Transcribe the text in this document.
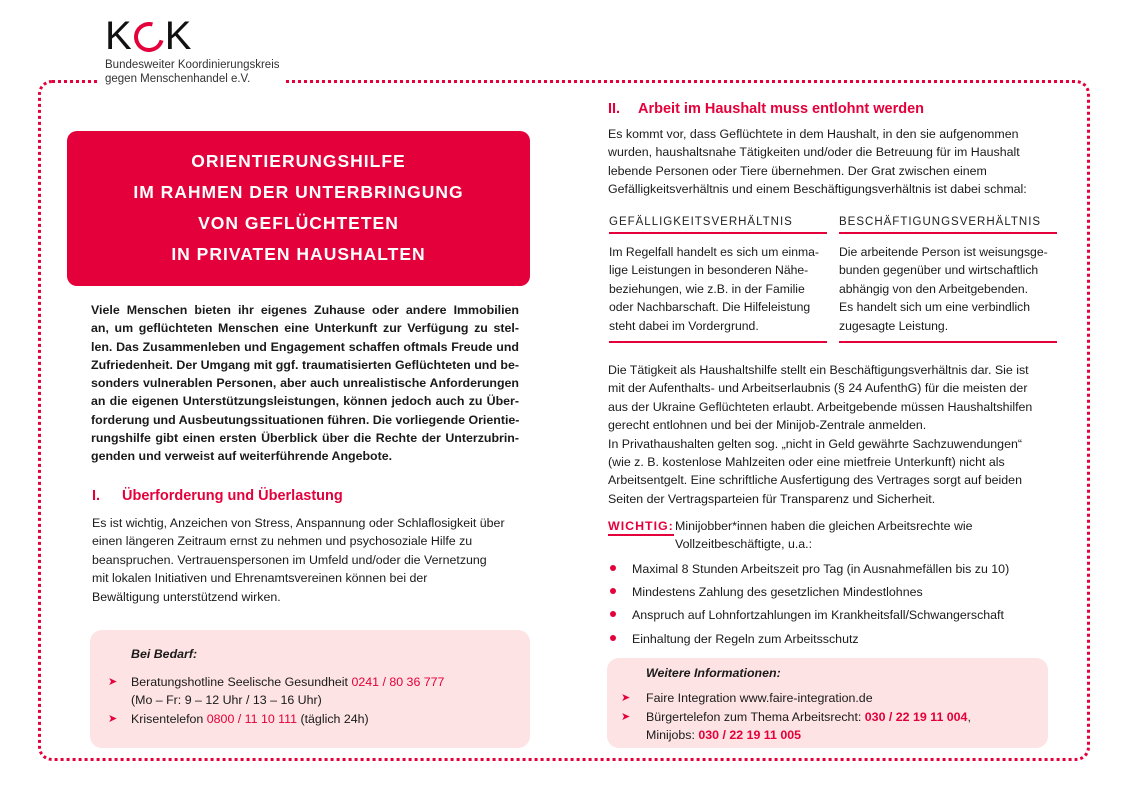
K K
Bundesweiter Koordinierungskreis
gegen Menschenhandel e.V.
ORIENTIERUNGSHILFE
IM RAHMEN DER UNTERBRINGUNG
VON GEFLÜCHTETEN
IN PRIVATEN HAUSHALTEN
Viele Menschen bieten ihr eigenes Zuhause oder andere Immobilien
an, um geflüchteten Menschen eine Unterkunft zur Verfügung zu stel-
len. Das Zusammenleben und Engagement schaffen oftmals Freude und
Zufriedenheit. Der Umgang mit ggf. traumatisierten Geflüchteten und be-
sonders vulnerablen Personen, aber auch unrealistische Anforderungen
an die eigenen Unterstützungsleistungen, können jedoch auch zu Über-
forderung und Ausbeutungssituationen führen. Die vorliegende Orientie-
rungshilfe gibt einen ersten Überblick über die Rechte der Unterzubrin-
genden und verweist auf weiterführende Angebote.
I. Überforderung und Überlastung
Es ist wichtig, Anzeichen von Stress, Anspannung oder Schlaflosigkeit über
einen längeren Zeitraum ernst zu nehmen und psychosoziale Hilfe zu
beanspruchen. Vertrauenspersonen im Umfeld und/oder die Vernetzung
mit lokalen Initiativen und Ehrenamtsvereinen können bei der
Bewältigung unterstützend wirken.
Bei Bedarf:
➤ Beratungshotline Seelische Gesundheit 0241 / 80 36 777
(Mo – Fr: 9 – 12 Uhr / 13 – 16 Uhr)
➤ Krisentelefon 0800 / 11 10 111 (täglich 24h)
II. Arbeit im Haushalt muss entlohnt werden
Es kommt vor, dass Geflüchtete in dem Haushalt, in den sie aufgenommen
wurden, haushaltsnahe Tätigkeiten und/oder die Betreuung für im Haushalt
lebende Personen oder Tiere übernehmen. Der Grat zwischen einem
Gefälligkeitsverhältnis und einem Beschäftigungsverhältnis ist dabei schmal:
GEFÄLLIGKEITSVERHÄLTNIS	BESCHÄFTIGUNGSVERHÄLTNIS
Im Regelfall handelt es sich um einma-
lige Leistungen in besonderen Nähe-
beziehungen, wie z.B. in der Familie
oder Nachbarschaft. Die Hilfeleistung
steht dabei im Vordergrund.
Die arbeitende Person ist weisungsge-
bunden gegenüber und wirtschaftlich
abhängig von den Arbeitgebenden.
Es handelt sich um eine verbindlich
zugesagte Leistung.
Die Tätigkeit als Haushaltshilfe stellt ein Beschäftigungsverhältnis dar. Sie ist
mit der Aufenthalts- und Arbeitserlaubnis (§ 24 AufenthG) für die meisten der
aus der Ukraine Geflüchteten erlaubt. Arbeitgebende müssen Haushaltshilfen
gerecht entlohnen und bei der Minijob-Zentrale anmelden.
In Privathaushalten gelten sog. „nicht in Geld gewährte Sachzuwendungen“
(wie z. B. kostenlose Mahlzeiten oder eine mietfreie Unterkunft) nicht als
Arbeitsentgelt. Eine schriftliche Ausfertigung des Vertrages sorgt auf beiden
Seiten der Vertragsparteien für Transparenz und Sicherheit.
WICHTIG: Minijobber*innen haben die gleichen Arbeitsrechte wie
Vollzeitbeschäftigte, u.a.:
Maximal 8 Stunden Arbeitszeit pro Tag (in Ausnahmefällen bis zu 10)
Mindestens Zahlung des gesetzlichen Mindestlohnes
Anspruch auf Lohnfortzahlungen im Krankheitsfall/Schwangerschaft
Einhaltung der Regeln zum Arbeitsschutz
Weitere Informationen:
➤ Faire Integration www.faire-integration.de
➤ Bürgertelefon zum Thema Arbeitsrecht: 030 / 22 19 11 004,
Minijobs: 030 / 22 19 11 005
